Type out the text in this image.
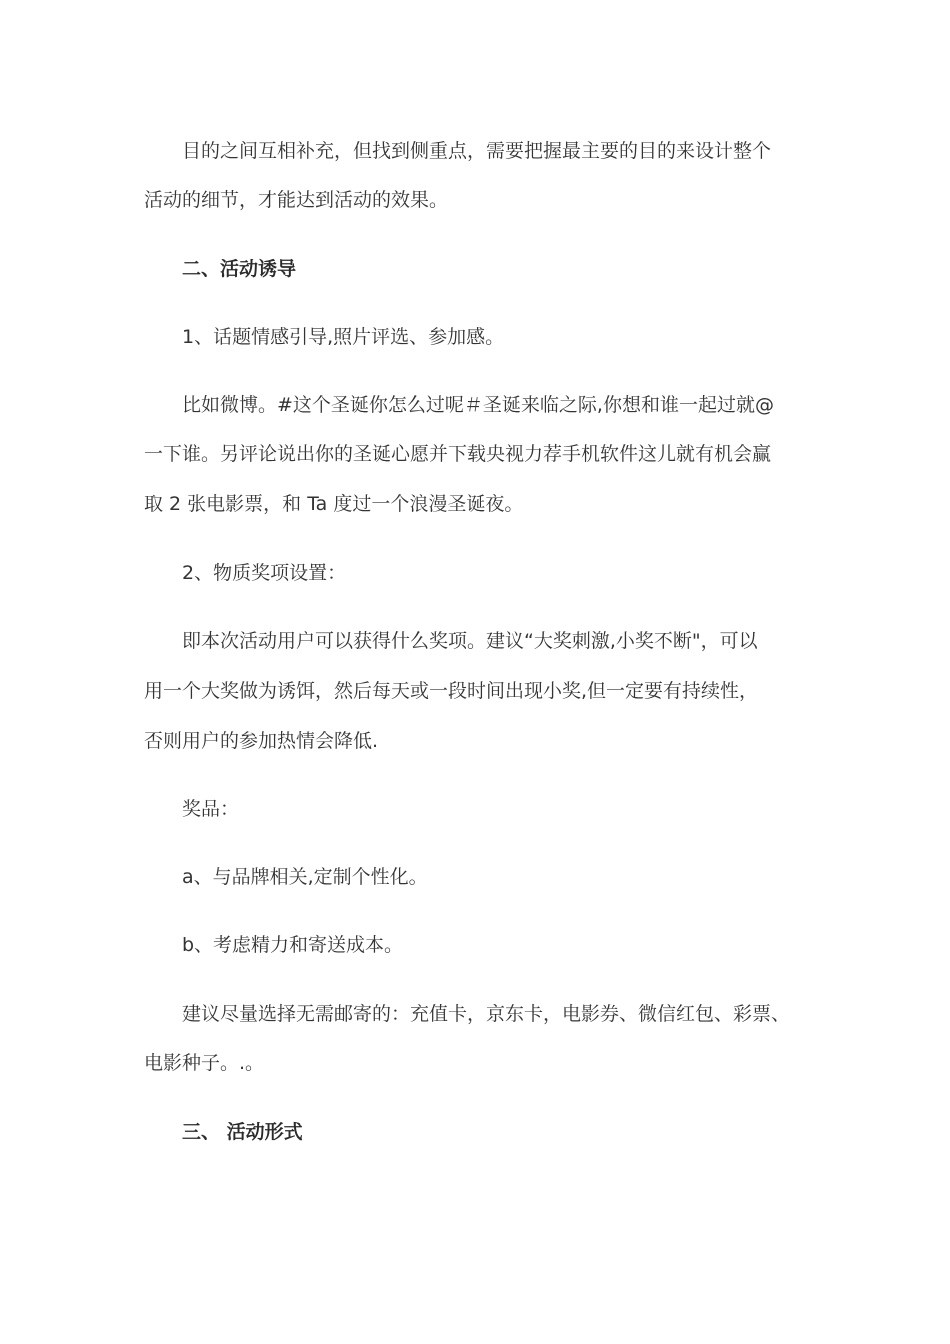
目的之间互相补充，但找到侧重点，需要把握最主要的目的来设计整个
活动的细节，才能达到活动的效果。
二、活动诱导
1、话题情感引导,照片评选、参加感。
比如微博。#这个圣诞你怎么过呢＃圣诞来临之际,你想和谁一起过就@
一下谁。另评论说出你的圣诞心愿并下载央视力荐手机软件这儿就有机会赢
取 2 张电影票，和 Ta 度过一个浪漫圣诞夜。
2、物质奖项设置：
即本次活动用户可以获得什么奖项。建议“大奖刺激,小奖不断"，可以
用一个大奖做为诱饵，然后每天或一段时间出现小奖,但一定要有持续性，
否则用户的参加热情会降低.
奖品：
a、与品牌相关,定制个性化。
b、考虑精力和寄送成本。
建议尽量选择无需邮寄的：充值卡，京东卡，电影券、微信红包、彩票、
电影种子。.。
三、 活动形式
